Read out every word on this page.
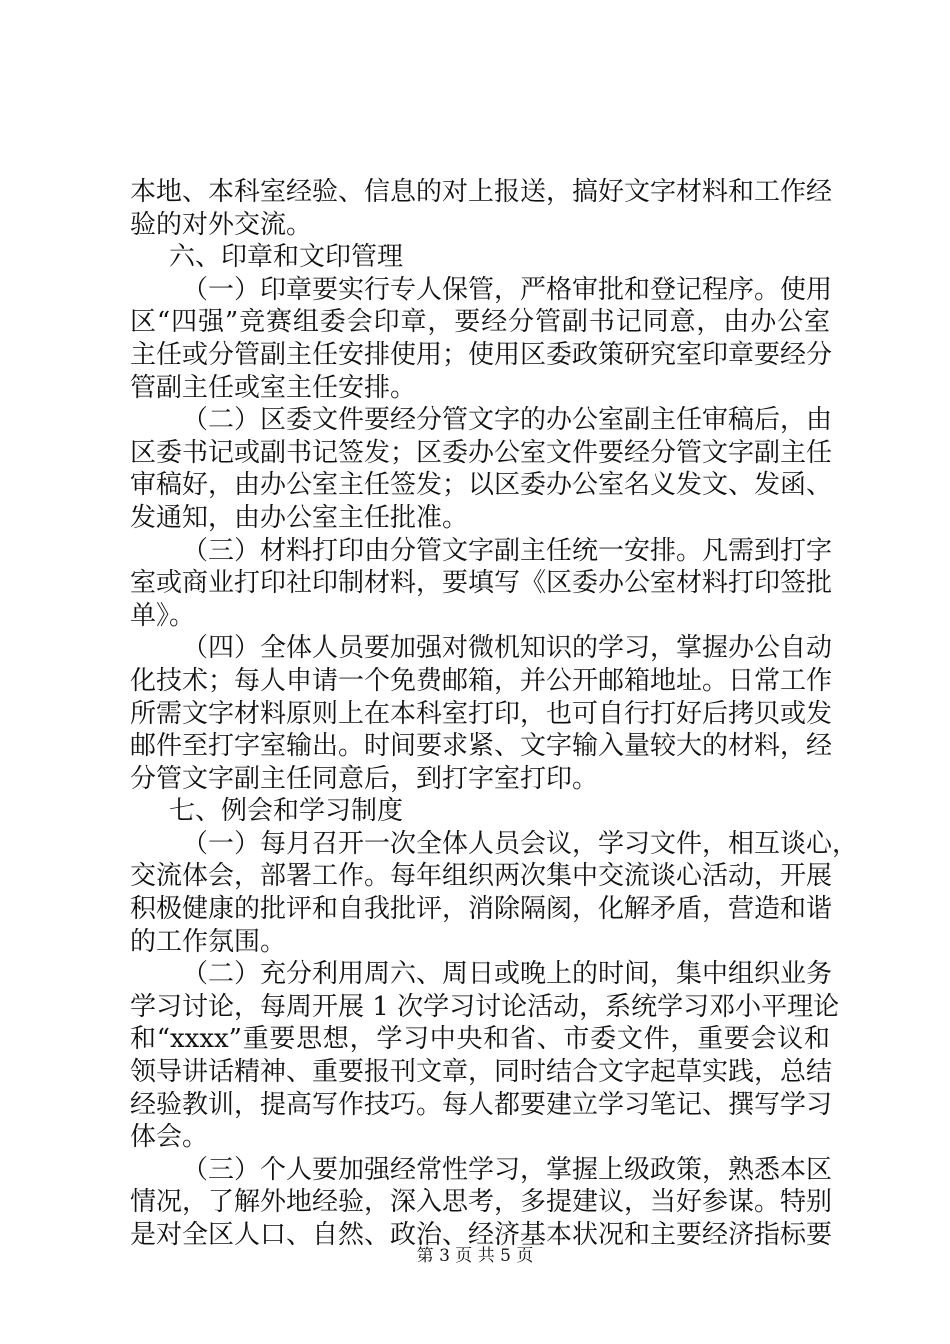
本地、本科室经验、信息的对上报送，搞好文字材料和工作经
验的对外交流。
六、印章和文印管理
（一）印章要实行专人保管，严格审批和登记程序。使用
区“四强”竞赛组委会印章，要经分管副书记同意，由办公室
主任或分管副主任安排使用；使用区委政策研究室印章要经分
管副主任或室主任安排。
（二）区委文件要经分管文字的办公室副主任审稿后，由
区委书记或副书记签发；区委办公室文件要经分管文字副主任
审稿好，由办公室主任签发；以区委办公室名义发文、发函、
发通知，由办公室主任批准。
（三）材料打印由分管文字副主任统一安排。凡需到打字
室或商业打印社印制材料，要填写《区委办公室材料打印签批
单》。
（四）全体人员要加强对微机知识的学习，掌握办公自动
化技术；每人申请一个免费邮箱，并公开邮箱地址。日常工作
所需文字材料原则上在本科室打印，也可自行打好后拷贝或发
邮件至打字室输出。时间要求紧、文字输入量较大的材料，经
分管文字副主任同意后，到打字室打印。
七、例会和学习制度
（一）每月召开一次全体人员会议，学习文件，相互谈心，
交流体会，部署工作。每年组织两次集中交流谈心活动，开展
积极健康的批评和自我批评，消除隔阂，化解矛盾，营造和谐
的工作氛围。
（二）充分利用周六、周日或晚上的时间，集中组织业务
学习讨论，每周开展 1 次学习讨论活动，系统学习邓小平理论
和“xxxx”重要思想，学习中央和省、市委文件，重要会议和
领导讲话精神、重要报刊文章，同时结合文字起草实践，总结
经验教训，提高写作技巧。每人都要建立学习笔记、撰写学习
体会。
（三）个人要加强经常性学习，掌握上级政策，熟悉本区
情况，了解外地经验，深入思考，多提建议，当好参谋。特别
是对全区人口、自然、政治、经济基本状况和主要经济指标要
第 3 页 共 5 页
